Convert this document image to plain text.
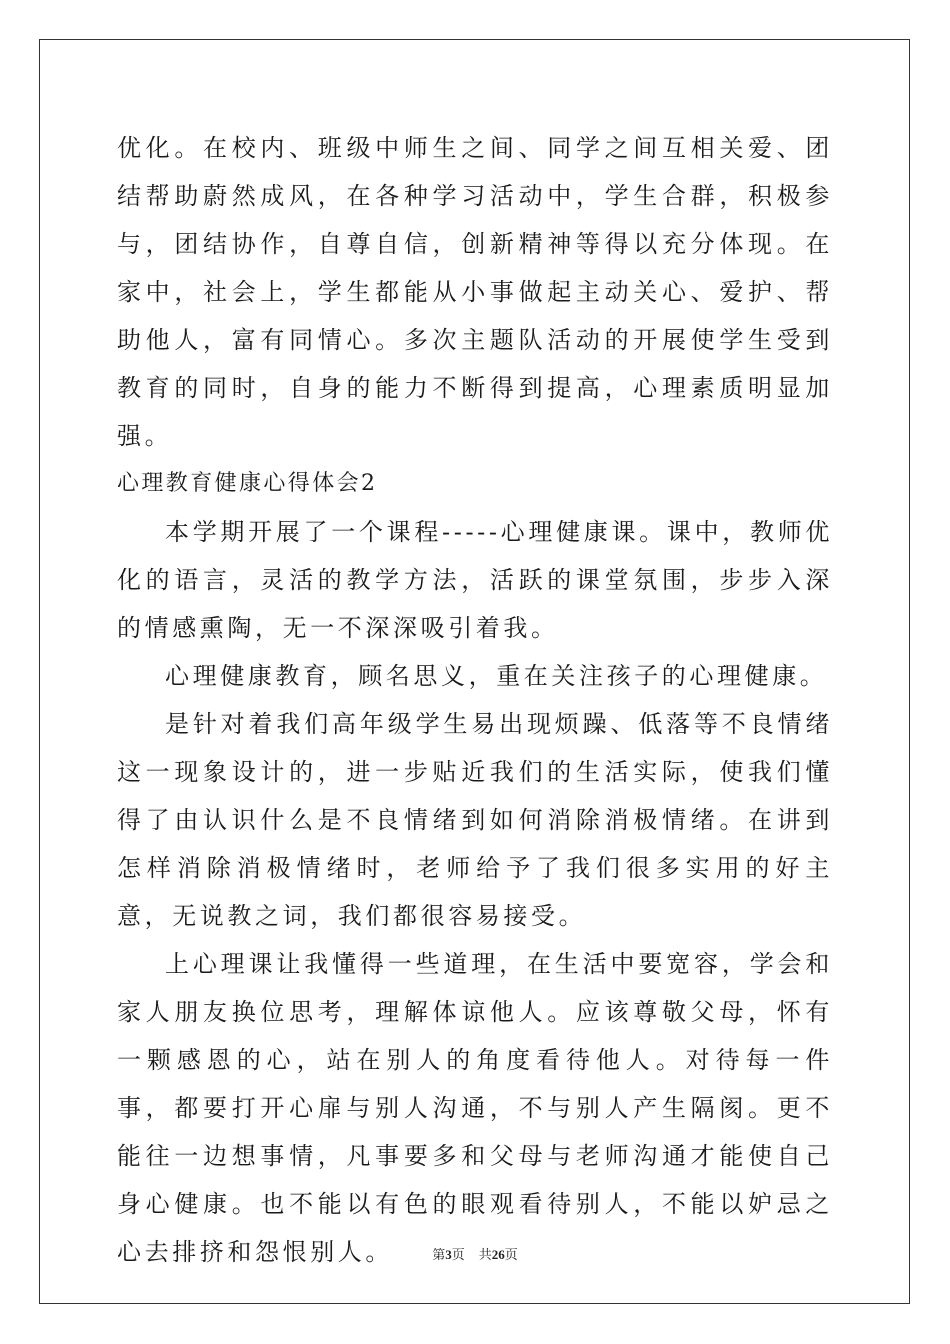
优化。在校内、班级中师生之间、同学之间互相关爱、团结帮助蔚然成风，在各种学习活动中，学生合群，积极参与，团结协作，自尊自信，创新精神等得以充分体现。在家中，社会上，学生都能从小事做起主动关心、爱护、帮助他人，富有同情心。多次主题队活动的开展使学生受到教育的同时，自身的能力不断得到提高，心理素质明显加强。

心理教育健康心得体会2

本学期开展了一个课程-----心理健康课。课中，教师优化的语言，灵活的教学方法，活跃的课堂氛围，步步入深的情感熏陶，无一不深深吸引着我。

心理健康教育，顾名思义，重在关注孩子的心理健康。

是针对着我们高年级学生易出现烦躁、低落等不良情绪这一现象设计的，进一步贴近我们的生活实际，使我们懂得了由认识什么是不良情绪到如何消除消极情绪。在讲到怎样消除消极情绪时，老师给予了我们很多实用的好主意，无说教之词，我们都很容易接受。

上心理课让我懂得一些道理，在生活中要宽容，学会和家人朋友换位思考，理解体谅他人。应该尊敬父母，怀有一颗感恩的心，站在别人的角度看待他人。对待每一件事，都要打开心扉与别人沟通，不与别人产生隔阂。更不能往一边想事情，凡事要多和父母与老师沟通才能使自己身心健康。也不能以有色的眼观看待别人，不能以妒忌之心去排挤和怨恨别人。	第3页 共26页
